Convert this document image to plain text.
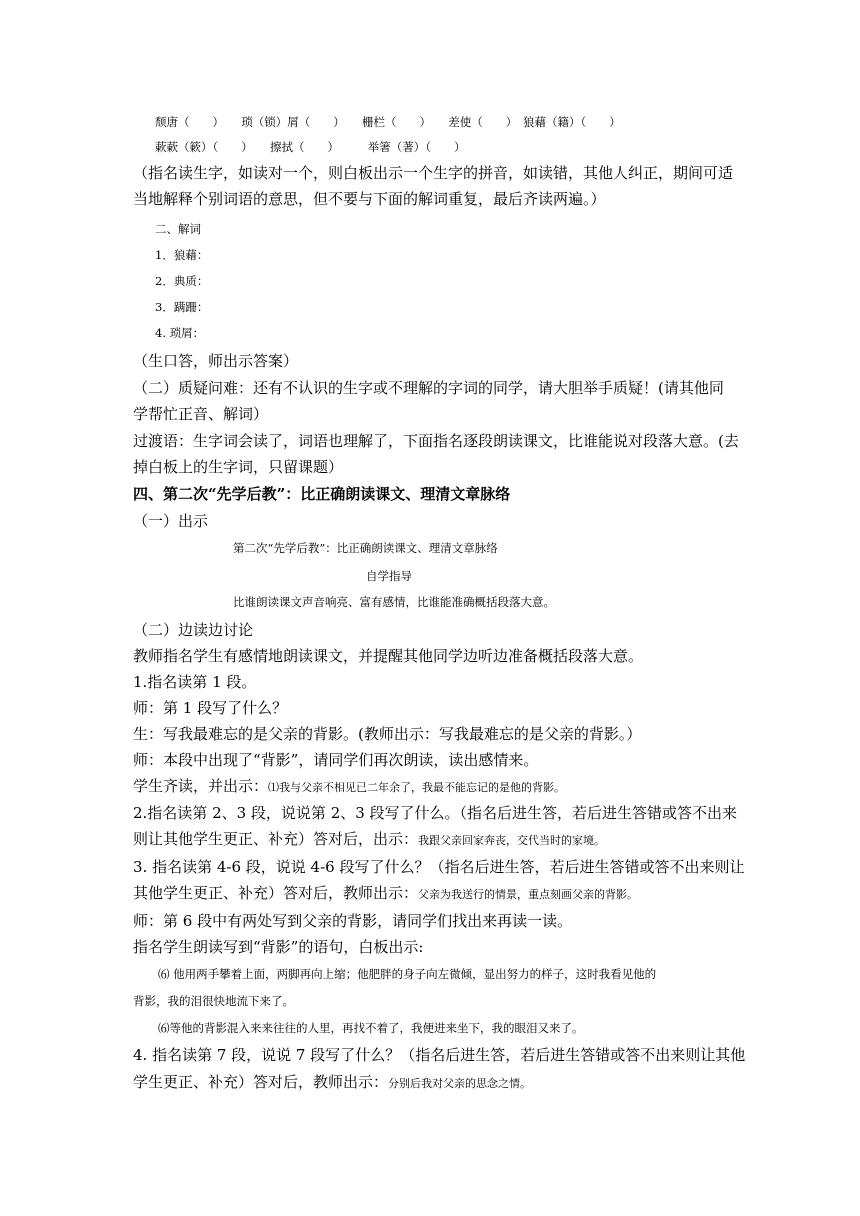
颓唐（　　）　　琐（锁）屑（　　）　　栅栏（　　）　　差使（　　）　狼藉（籍）（　　）
蔌蔌（簌）（　　）　　擦拭（　　）　　　举箸（著）（　　）
（指名读生字，如读对一个，则白板出示一个生字的拼音，如读错，其他人纠正，期间可适
当地解释个别词语的意思，但不要与下面的解词重复，最后齐读两遍。）
二、解词
1．狼藉：
2．典质：
3．蹒跚：
4. 琐屑：
（生口答，师出示答案）
（二）质疑问难：还有不认识的生字或不理解的字词的同学，请大胆举手质疑！(请其他同
学帮忙正音、解词）
过渡语：生字词会读了，词语也理解了，下面指名逐段朗读课文，比谁能说对段落大意。(去
掉白板上的生字词，只留课题）
四、第二次“先学后教”：比正确朗读课文、理清文章脉络
（一）出示
第二次“先学后教”：比正确朗读课文、理清文章脉络
自学指导
比谁朗读课文声音响亮、富有感情，比谁能准确概括段落大意。
（二）边读边讨论
教师指名学生有感情地朗读课文，并提醒其他同学边听边准备概括段落大意。
1.指名读第 1 段。
师：第 1 段写了什么？
生：写我最难忘的是父亲的背影。(教师出示：写我最难忘的是父亲的背影。）
师：本段中出现了“背影”，请同学们再次朗读，读出感情来。
学生齐读，并出示：⑴我与父亲不相见已二年余了，我最不能忘记的是他的背影。
2.指名读第 2、3 段，说说第 2、3 段写了什么。（指名后进生答，若后进生答错或答不出来
则让其他学生更正、补充）答对后，出示：我跟父亲回家奔丧，交代当时的家境。
3. 指名读第 4-6 段，说说 4-6 段写了什么？（指名后进生答，若后进生答错或答不出来则让
其他学生更正、补充）答对后，教师出示：父亲为我送行的情景，重点刻画父亲的背影。
师：第 6 段中有两处写到父亲的背影，请同学们找出来再读一读。
指名学生朗读写到“背影”的语句，白板出示:
⑹ 他用两手攀着上面，两脚再向上缩；他肥胖的身子向左微倾，显出努力的样子，这时我看见他的
背影，我的泪很快地流下来了。
⑹等他的背影混入来来往往的人里，再找不着了，我便进来坐下，我的眼泪又来了。
4. 指名读第 7 段，说说 7 段写了什么？（指名后进生答，若后进生答错或答不出来则让其他
学生更正、补充）答对后，教师出示：分别后我对父亲的思念之情。
